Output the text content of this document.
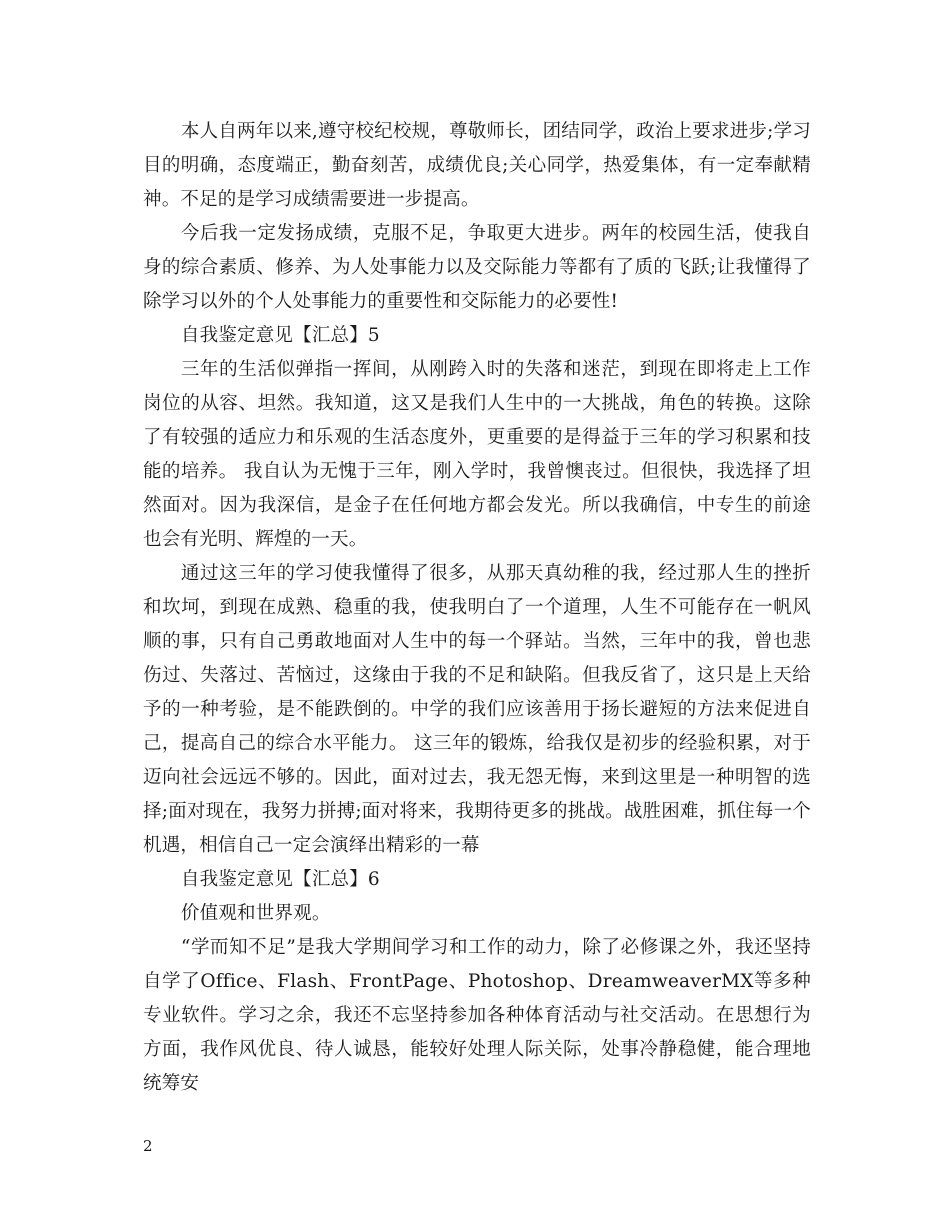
本人自两年以来,遵守校纪校规，尊敬师长，团结同学，政治上要求进步;学习目的明确，态度端正，勤奋刻苦，成绩优良;关心同学，热爱集体，有一定奉献精神。不足的是学习成绩需要进一步提高。

今后我一定发扬成绩，克服不足，争取更大进步。两年的校园生活，使我自身的综合素质、修养、为人处事能力以及交际能力等都有了质的飞跃;让我懂得了除学习以外的个人处事能力的重要性和交际能力的必要性!

自我鉴定意见【汇总】5

三年的生活似弹指一挥间，从刚跨入时的失落和迷茫，到现在即将走上工作岗位的从容、坦然。我知道，这又是我们人生中的一大挑战，角色的转换。这除了有较强的适应力和乐观的生活态度外，更重要的是得益于三年的学习积累和技能的培养。 我自认为无愧于三年，刚入学时，我曾懊丧过。但很快，我选择了坦然面对。因为我深信，是金子在任何地方都会发光。所以我确信，中专生的前途也会有光明、辉煌的一天。

通过这三年的学习使我懂得了很多，从那天真幼稚的我，经过那人生的挫折和坎坷，到现在成熟、稳重的我，使我明白了一个道理，人生不可能存在一帆风顺的事，只有自己勇敢地面对人生中的每一个驿站。当然，三年中的我，曾也悲伤过、失落过、苦恼过，这缘由于我的不足和缺陷。但我反省了，这只是上天给予的一种考验，是不能跌倒的。中学的我们应该善用于扬长避短的方法来促进自己，提高自己的综合水平能力。 这三年的锻炼，给我仅是初步的经验积累，对于迈向社会远远不够的。因此，面对过去，我无怨无悔，来到这里是一种明智的选择;面对现在，我努力拼搏;面对将来，我期待更多的挑战。战胜困难，抓住每一个机遇，相信自己一定会演绎出精彩的一幕

自我鉴定意见【汇总】6

价值观和世界观。

“学而知不足”是我大学期间学习和工作的动力，除了必修课之外，我还坚持自学了Office、Flash、FrontPage、Photoshop、DreamweaverMX等多种专业软件。学习之余，我还不忘坚持参加各种体育活动与社交活动。在思想行为方面，我作风优良、待人诚恳，能较好处理人际关际，处事冷静稳健，能合理地统筹安

2
